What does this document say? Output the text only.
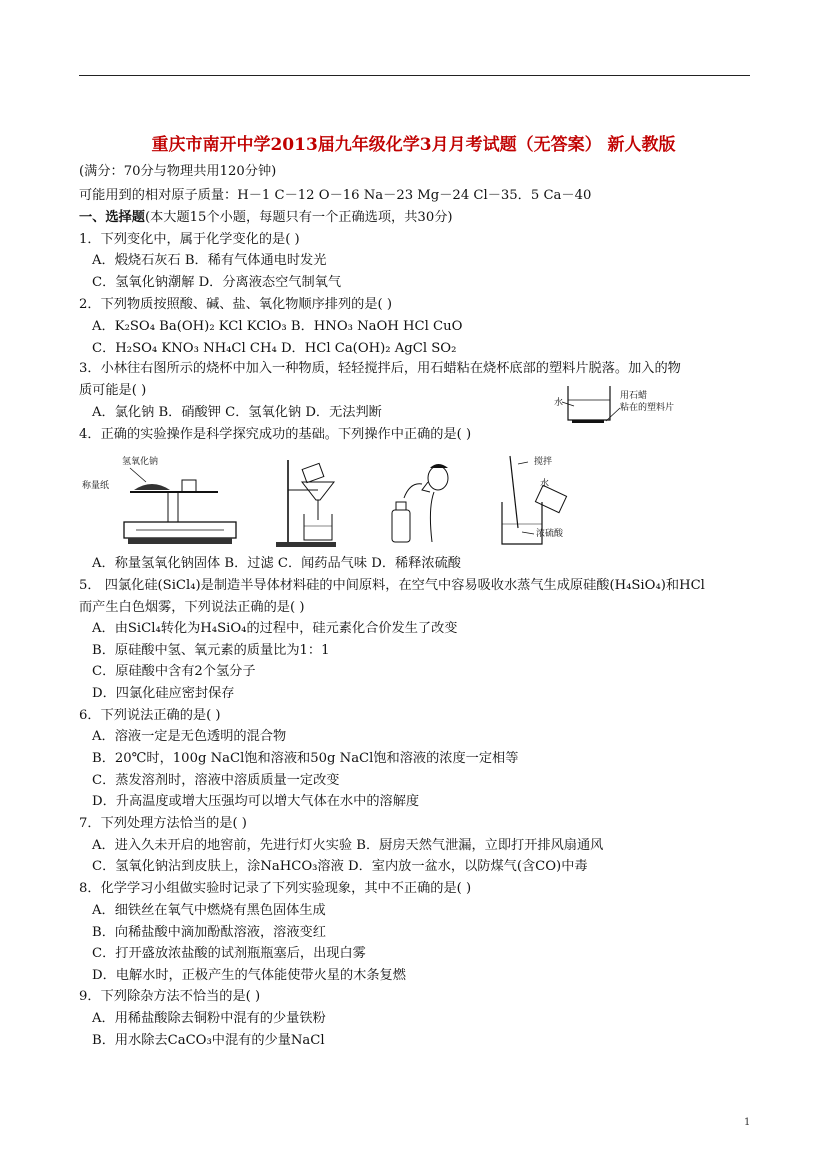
重庆市南开中学2013届九年级化学3月月考试题（无答案） 新人教版
(满分：70分与物理共用120分钟)
可能用到的相对原子质量：H－1 C－12 O－16 Na－23 Mg－24 Cl－35．5 Ca－40
一、选择题(本大题15个小题，每题只有一个正确选项，共30分)
1．下列变化中，属于化学变化的是( )
A．煅烧石灰石 B．稀有气体通电时发光
C．氢氧化钠潮解 D．分离液态空气制氧气
2．下列物质按照酸、碱、盐、氧化物顺序排列的是( )
A．K₂SO₄ Ba(OH)₂ KCl KClO₃ B．HNO₃ NaOH HCl CuO
C．H₂SO₄ KNO₃ NH₄Cl CH₄ D．HCl Ca(OH)₂ AgCl SO₂
3．小林往右图所示的烧杯中加入一种物质，轻轻搅拌后，用石蜡粘在烧杯底部的塑料片脱落。加入的物
质可能是( )
A．氯化钠 B．硝酸钾 C．氢氧化钠 D．无法判断
水
用石蜡
粘在的塑料片
4．正确的实验操作是科学探究成功的基础。下列操作中正确的是( )
氢氧化钠
称量纸
搅拌
水
浓硫酸
A．称量氢氧化钠固体 B．过滤 C．闻药品气味 D．稀释浓硫酸
5． 四氯化硅(SiCl₄)是制造半导体材料硅的中间原料，在空气中容易吸收水蒸气生成原硅酸(H₄SiO₄)和HCl
而产生白色烟雾，下列说法正确的是( )
A．由SiCl₄转化为H₄SiO₄的过程中，硅元素化合价发生了改变
B．原硅酸中氢、氧元素的质量比为1：1
C．原硅酸中含有2个氢分子
D．四氯化硅应密封保存
6．下列说法正确的是( )
A．溶液一定是无色透明的混合物
B．20℃时，100g NaCl饱和溶液和50g NaCl饱和溶液的浓度一定相等
C．蒸发溶剂时，溶液中溶质质量一定改变
D．升高温度或增大压强均可以增大气体在水中的溶解度
7．下列处理方法恰当的是( )
A．进入久未开启的地窖前，先进行灯火实验 B．厨房天然气泄漏，立即打开排风扇通风
C．氢氧化钠沾到皮肤上，涂NaHCO₃溶液 D．室内放一盆水，以防煤气(含CO)中毒
8．化学学习小组做实验时记录了下列实验现象，其中不正确的是( )
A．细铁丝在氧气中燃烧有黑色固体生成
B．向稀盐酸中滴加酚酞溶液，溶液变红
C．打开盛放浓盐酸的试剂瓶瓶塞后，出现白雾
D．电解水时，正极产生的气体能使带火星的木条复燃
9．下列除杂方法不恰当的是( )
A．用稀盐酸除去铜粉中混有的少量铁粉
B．用水除去CaCO₃中混有的少量NaCl
1
